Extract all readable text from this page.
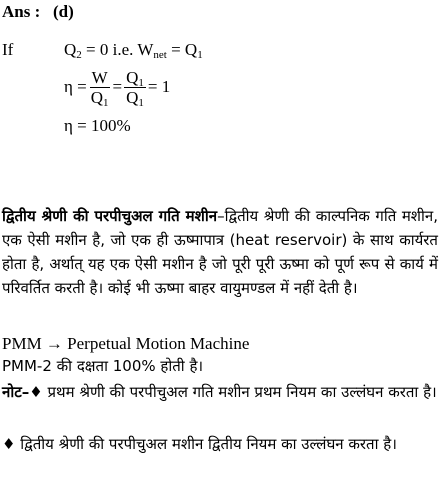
Ans : (d)
If	$Q_2 = 0$ i.e. $W_{net} = Q_1$
$\eta = \frac{W}{Q_1} = \frac{Q_1}{Q_1} = 1$
η = 100%
द्वितीय श्रेणी की परपीचुअल गति मशीन–द्वितीय श्रेणी की काल्पनिक गति मशीन, एक ऐसी मशीन है, जो एक ही ऊष्मापात्र (heat reservoir) के साथ कार्यरत होता है, अर्थात् यह एक ऐसी मशीन है जो पूरी पूरी ऊष्मा को पूर्ण रूप से कार्य में परिवर्तित करती है। कोई भी ऊष्मा बाहर वायुमण्डल में नहीं देती है।
PMM → Perpetual Motion Machine
PMM-2 की दक्षता 100% होती है।
नोट–♦ प्रथम श्रेणी की परपीचुअल गति मशीन प्रथम नियम का उल्लंघन करता है।
♦ द्वितीय श्रेणी की परपीचुअल मशीन द्वितीय नियम का उल्लंघन करता है।
